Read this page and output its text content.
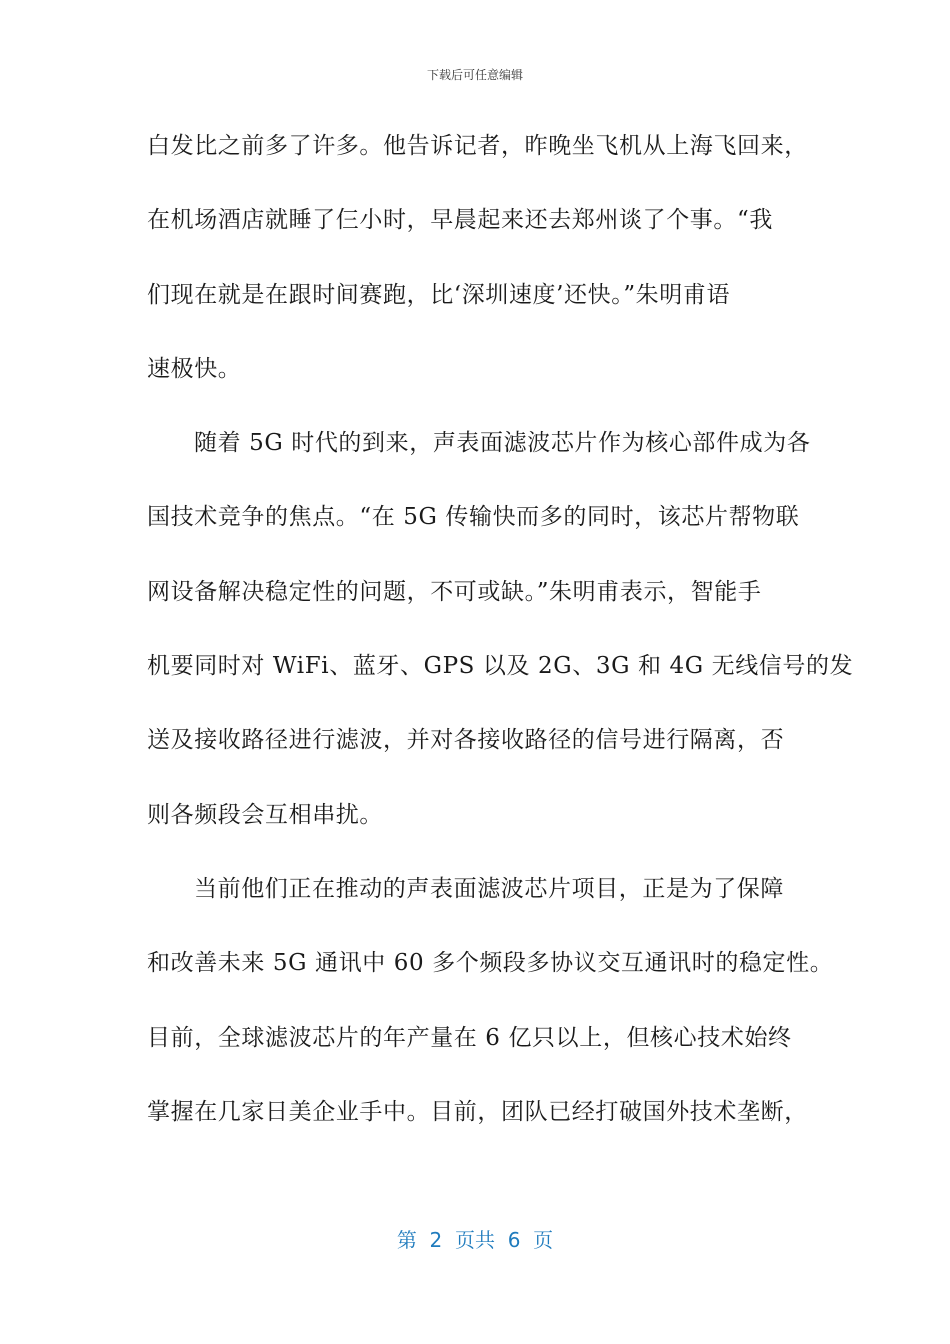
下载后可任意编辑
白发比之前多了许多。他告诉记者，昨晚坐飞机从上海飞回来，
在机场酒店就睡了仨小时，早晨起来还去郑州谈了个事。“我
们现在就是在跟时间赛跑，比‘深圳速度’还快。”朱明甫语
速极快。
随着 5G 时代的到来，声表面滤波芯片作为核心部件成为各
国技术竞争的焦点。“在 5G 传输快而多的同时，该芯片帮物联
网设备解决稳定性的问题，不可或缺。”朱明甫表示，智能手
机要同时对 WiFi、蓝牙、GPS 以及 2G、3G 和 4G 无线信号的发
送及接收路径进行滤波，并对各接收路径的信号进行隔离，否
则各频段会互相串扰。
当前他们正在推动的声表面滤波芯片项目，正是为了保障
和改善未来 5G 通讯中 60 多个频段多协议交互通讯时的稳定性。
目前，全球滤波芯片的年产量在 6 亿只以上，但核心技术始终
掌握在几家日美企业手中。目前，团队已经打破国外技术垄断，
第  2  页共  6  页
